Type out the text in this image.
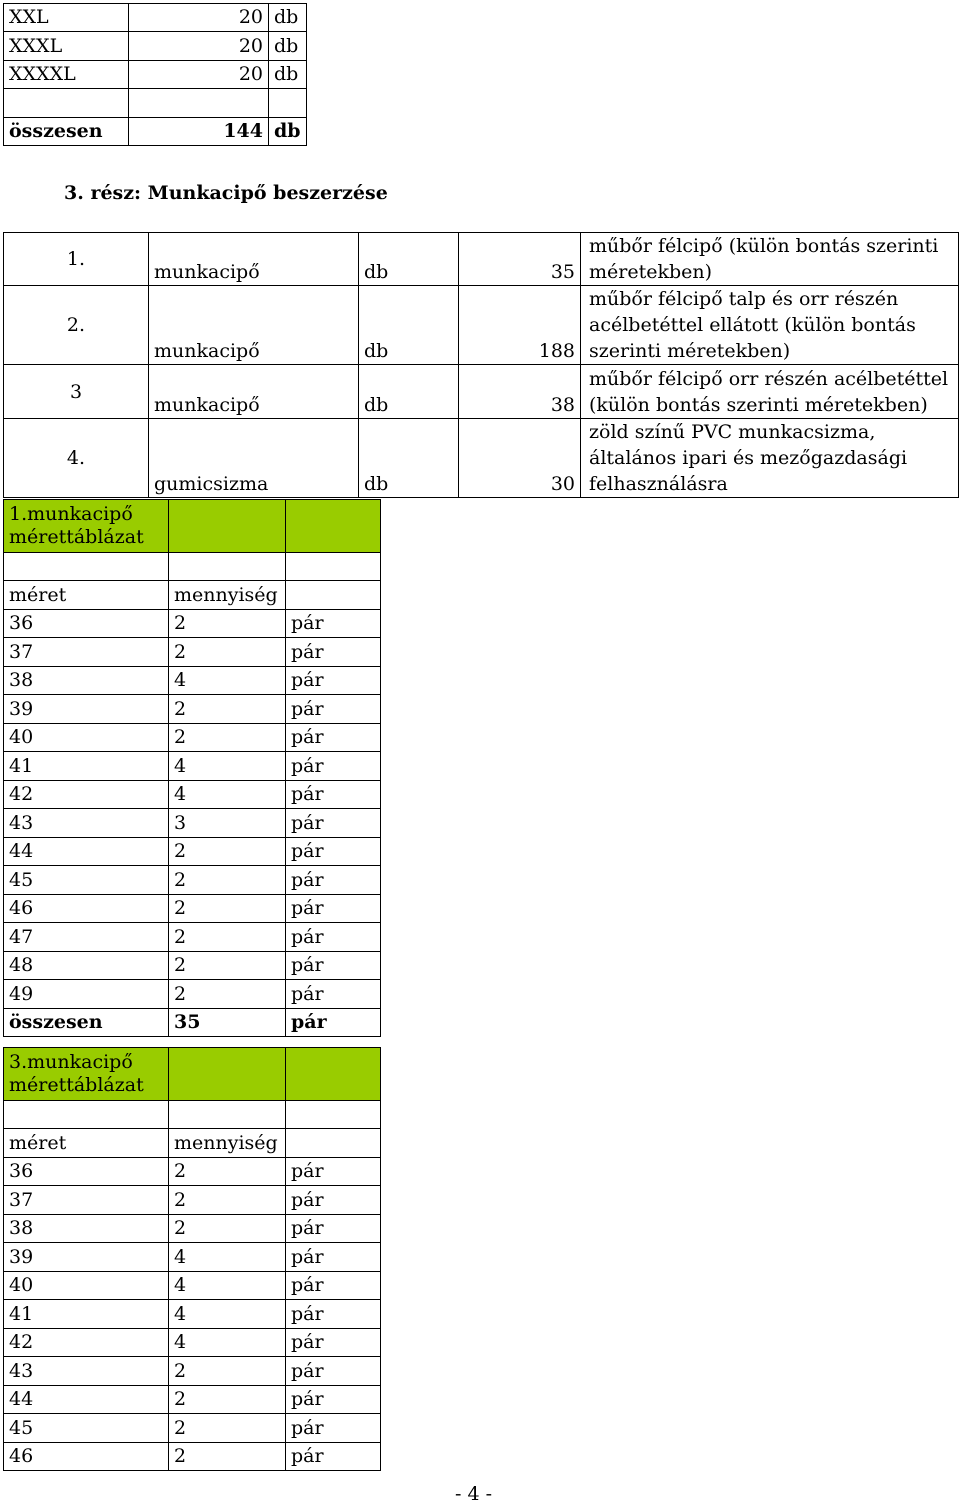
XXL	20	db
XXXL	20	db
XXXXL	20	db

összesen	144	db
3. rész: Munkacipő beszerzése
1.	munkacipő	db	35	műbőr félcipő (külön bontás szerinti méretekben)
2.	munkacipő	db	188	műbőr félcipő talp és orr részén acélbetéttel ellátott (külön bontás szerinti méretekben)
3	munkacipő	db	38	műbőr félcipő orr részén acélbetéttel (külön bontás szerinti méretekben)
4.	gumicsizma	db	30	zöld színű PVC munkacsizma, általános ipari és mezőgazdasági felhasználásra
1.munkacipő mérettáblázat		

méret	mennyiség	
36	2	pár
37	2	pár
38	4	pár
39	2	pár
40	2	pár
41	4	pár
42	4	pár
43	3	pár
44	2	pár
45	2	pár
46	2	pár
47	2	pár
48	2	pár
49	2	pár
összesen	35	pár
3.munkacipő mérettáblázat		

méret	mennyiség	
36	2	pár
37	2	pár
38	2	pár
39	4	pár
40	4	pár
41	4	pár
42	4	pár
43	2	pár
44	2	pár
45	2	pár
46	2	pár
- 4 -
